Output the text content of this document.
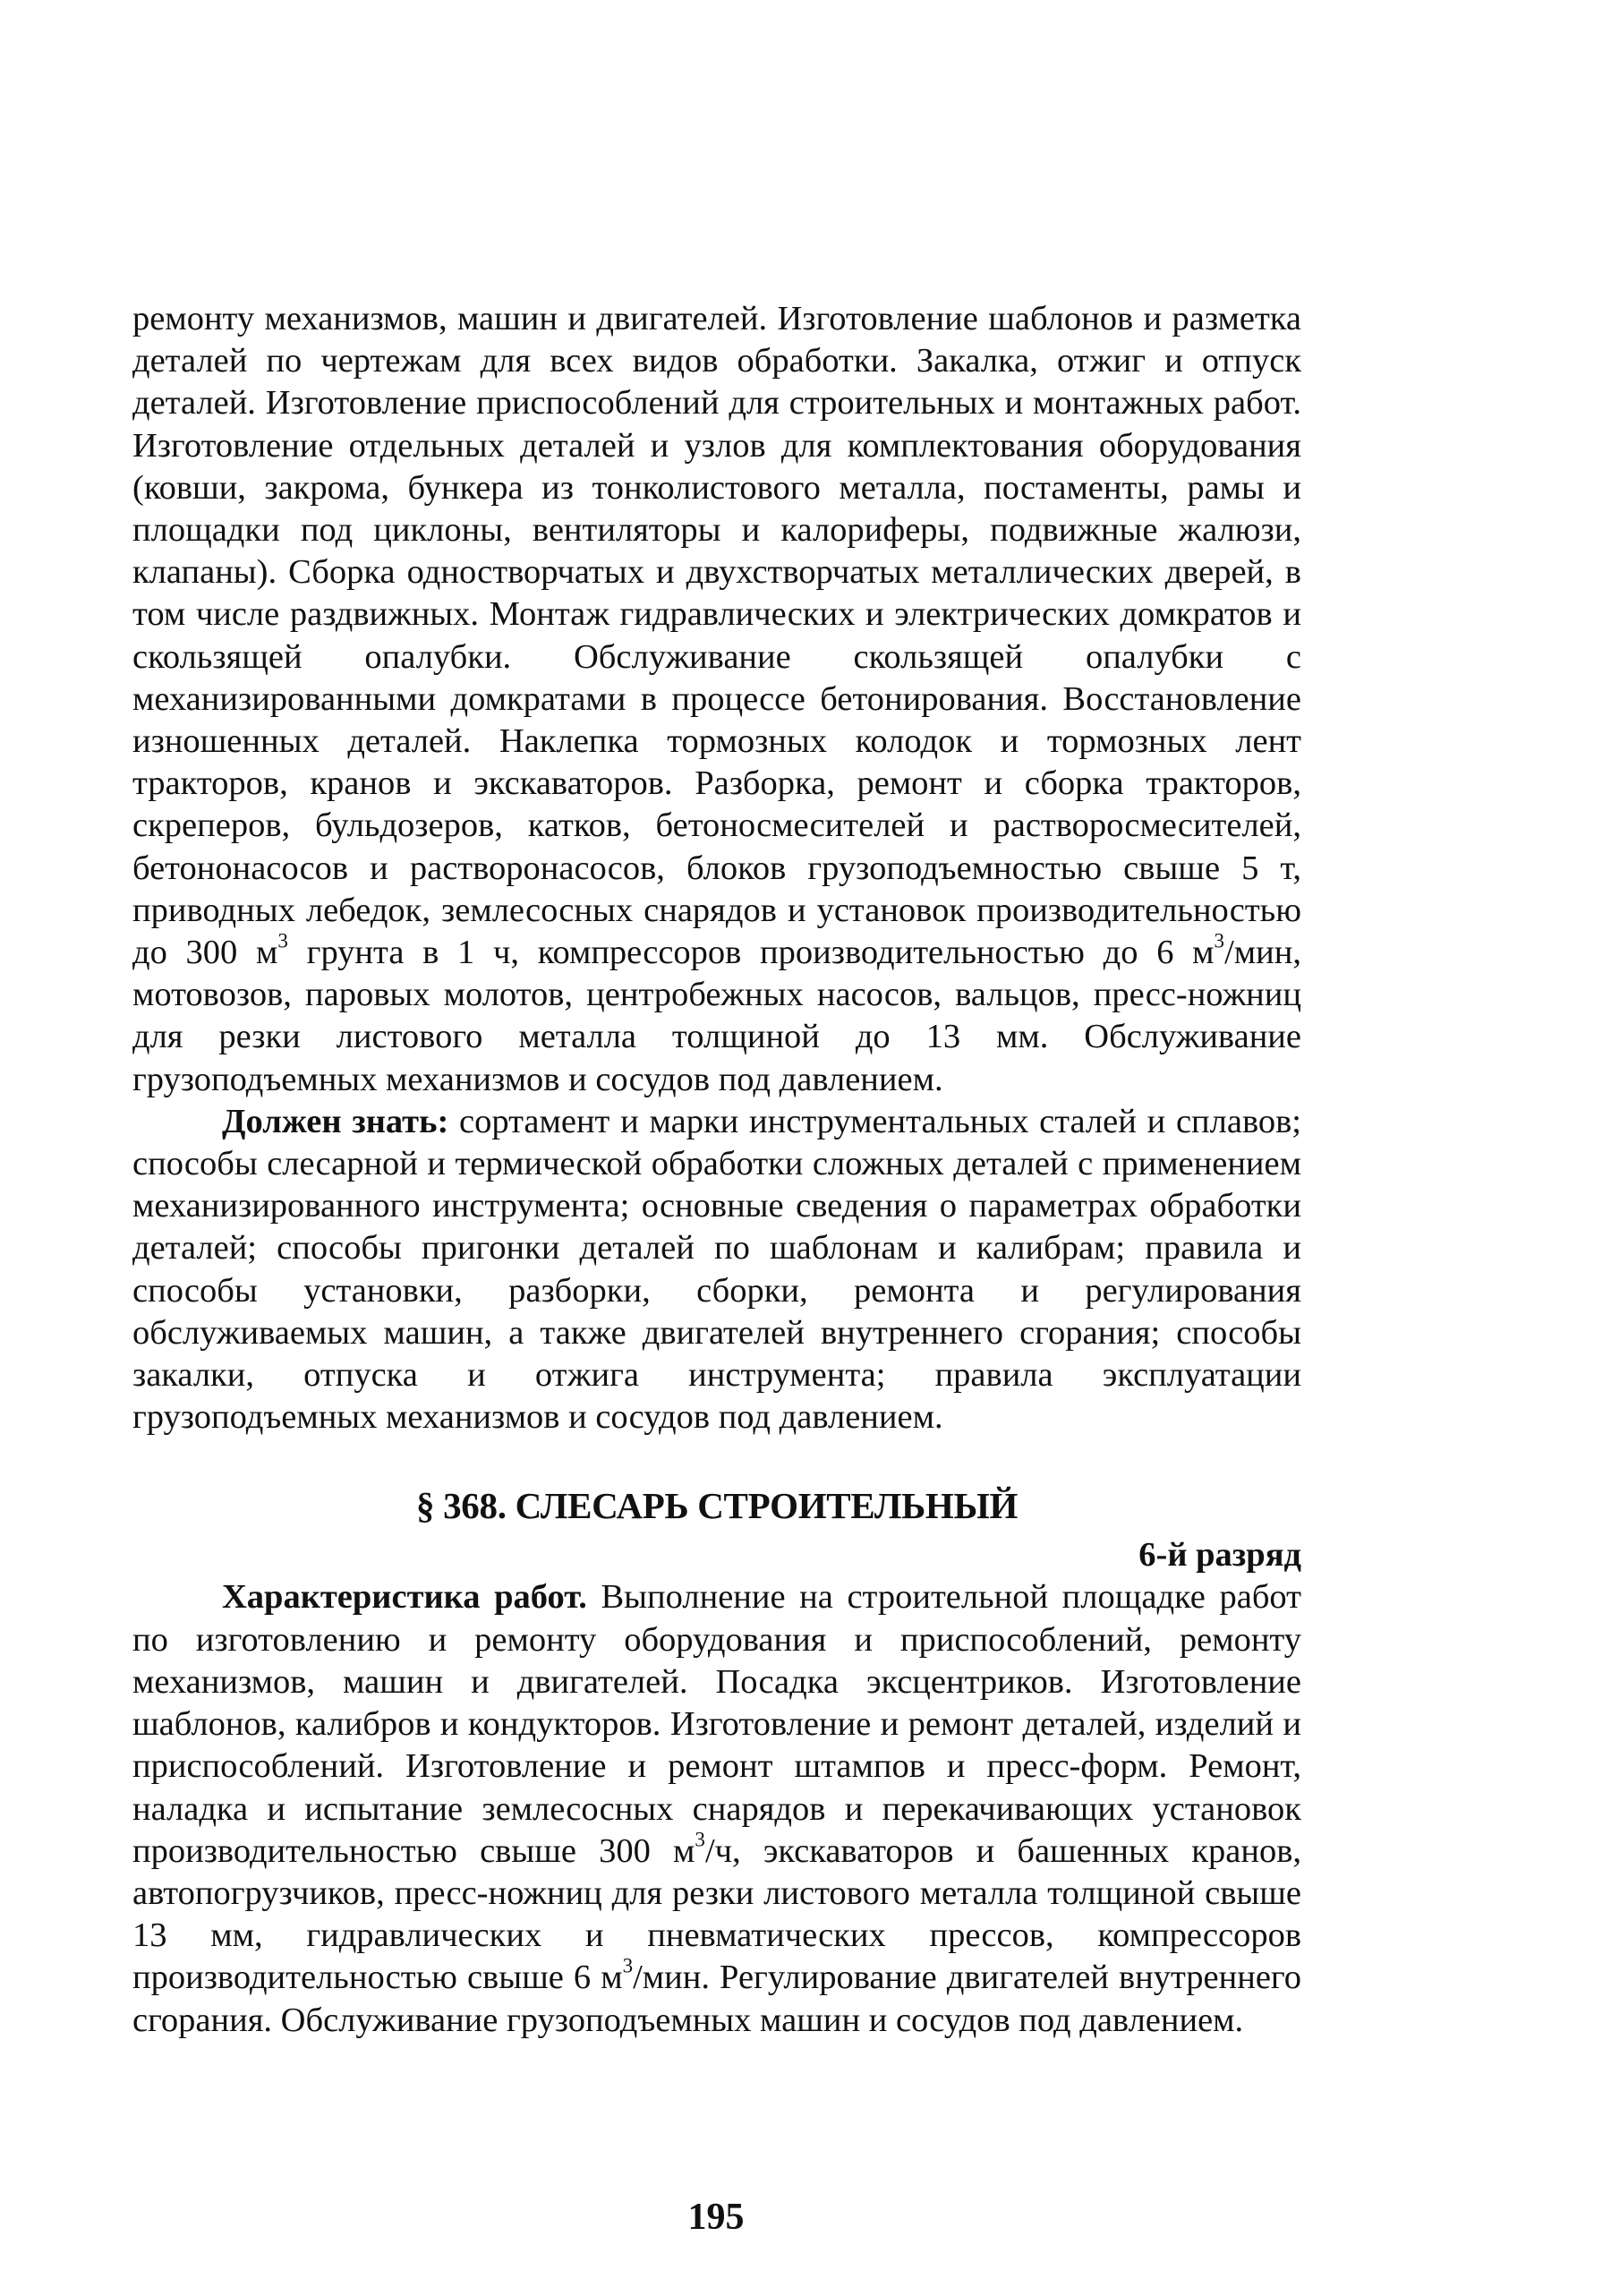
ремонту механизмов, машин и двигателей. Изготовление шаблонов и разметка деталей по чертежам для всех видов обработки. Закалка, отжиг и отпуск деталей. Изготовление приспособлений для строительных и монтажных работ. Изготовление отдельных деталей и узлов для комплектования оборудования (ковши, закрома, бункера из тонколистового металла, постаменты, рамы и площадки под циклоны, вентиляторы и калориферы, подвижные жалюзи, клапаны). Сборка одностворчатых и двухстворчатых металлических дверей, в том числе раздвижных. Монтаж гидравлических и электрических домкратов и скользящей опалубки. Обслуживание скользящей опалубки с механизированными домкратами в процессе бетонирования. Восстановление изношенных деталей. Наклепка тормозных колодок и тормозных лент тракторов, кранов и экскаваторов. Разборка, ремонт и сборка тракторов, скреперов, бульдозеров, катков, бетоносмесителей и растворосмесителей, бетононасосов и растворонасосов, блоков грузоподъемностью свыше 5 т, приводных лебедок, землесосных снарядов и установок производительностью до 300 $м^3$ грунта в 1 ч, компрессоров производительностью до 6 $м^3$/мин, мотовозов, паровых молотов, центробежных насосов, вальцов, пресс-ножниц для резки листового металла толщиной до 13 мм. Обслуживание грузоподъемных механизмов и сосудов под давлением.

Должен знать: сортамент и марки инструментальных сталей и сплавов; способы слесарной и термической обработки сложных деталей с применением механизированного инструмента; основные сведения о параметрах обработки деталей; способы пригонки деталей по шаблонам и калибрам; правила и способы установки, разборки, сборки, ремонта и регулирования обслуживаемых машин, а также двигателей внутреннего сгорания; способы закалки, отпуска и отжига инструмента; правила эксплуатации грузоподъемных механизмов и сосудов под давлением.

§ 368. СЛЕСАРЬ СТРОИТЕЛЬНЫЙ
6-й разряд

Характеристика работ. Выполнение на строительной площадке работ по изготовлению и ремонту оборудования и приспособлений, ремонту механизмов, машин и двигателей. Посадка эксцентриков. Изготовление шаблонов, калибров и кондукторов. Изготовление и ремонт деталей, изделий и приспособлений. Изготовление и ремонт штампов и пресс-форм. Ремонт, наладка и испытание землесосных снарядов и перекачивающих установок производительностью свыше 300 $м^3/ч$, экскаваторов и башенных кранов, автопогрузчиков, пресс-ножниц для резки листового металла толщиной свыше 13 мм, гидравлических и пневматических прессов, компрессоров производительностью свыше 6 $м^3$/мин. Регулирование двигателей внутреннего сгорания. Обслуживание грузоподъемных машин и сосудов под давлением.

195
